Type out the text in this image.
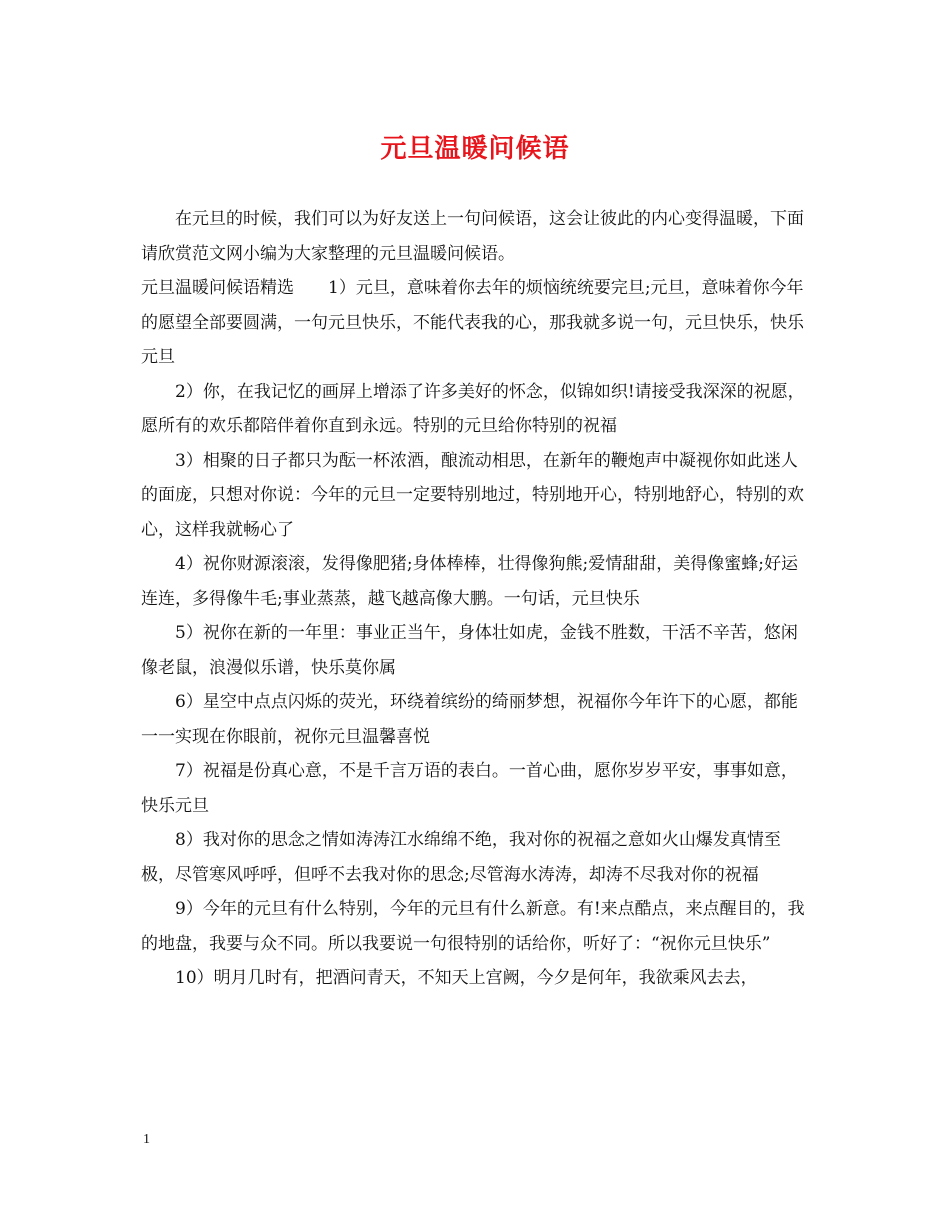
元旦温暖问候语

在元旦的时候，我们可以为好友送上一句问候语，这会让彼此的内心变得温暖，下面请欣赏范文网小编为大家整理的元旦温暖问候语。

元旦温暖问候语精选　　1）元旦，意味着你去年的烦恼统统要完旦;元旦，意味着你今年的愿望全部要圆满，一句元旦快乐，不能代表我的心，那我就多说一句，元旦快乐，快乐元旦

2）你，在我记忆的画屏上增添了许多美好的怀念，似锦如织!请接受我深深的祝愿，愿所有的欢乐都陪伴着你直到永远。特别的元旦给你特别的祝福

3）相聚的日子都只为酝一杯浓酒，酿流动相思，在新年的鞭炮声中凝视你如此迷人的面庞，只想对你说：今年的元旦一定要特别地过，特别地开心，特别地舒心，特别的欢心，这样我就畅心了

4）祝你财源滚滚，发得像肥猪;身体棒棒，壮得像狗熊;爱情甜甜，美得像蜜蜂;好运连连，多得像牛毛;事业蒸蒸，越飞越高像大鹏。一句话，元旦快乐

5）祝你在新的一年里：事业正当午，身体壮如虎，金钱不胜数，干活不辛苦，悠闲像老鼠，浪漫似乐谱，快乐莫你属

6）星空中点点闪烁的荧光，环绕着缤纷的绮丽梦想，祝福你今年许下的心愿，都能一一实现在你眼前，祝你元旦温馨喜悦

7）祝福是份真心意，不是千言万语的表白。一首心曲，愿你岁岁平安，事事如意，快乐元旦

8）我对你的思念之情如涛涛江水绵绵不绝，我对你的祝福之意如火山爆发真情至极，尽管寒风呼呼，但呼不去我对你的思念;尽管海水涛涛，却涛不尽我对你的祝福

9）今年的元旦有什么特别，今年的元旦有什么新意。有!来点酷点，来点醒目的，我的地盘，我要与众不同。所以我要说一句很特别的话给你，听好了：“祝你元旦快乐”

10）明月几时有，把酒问青天，不知天上宫阙，今夕是何年，我欲乘风去去，

1
